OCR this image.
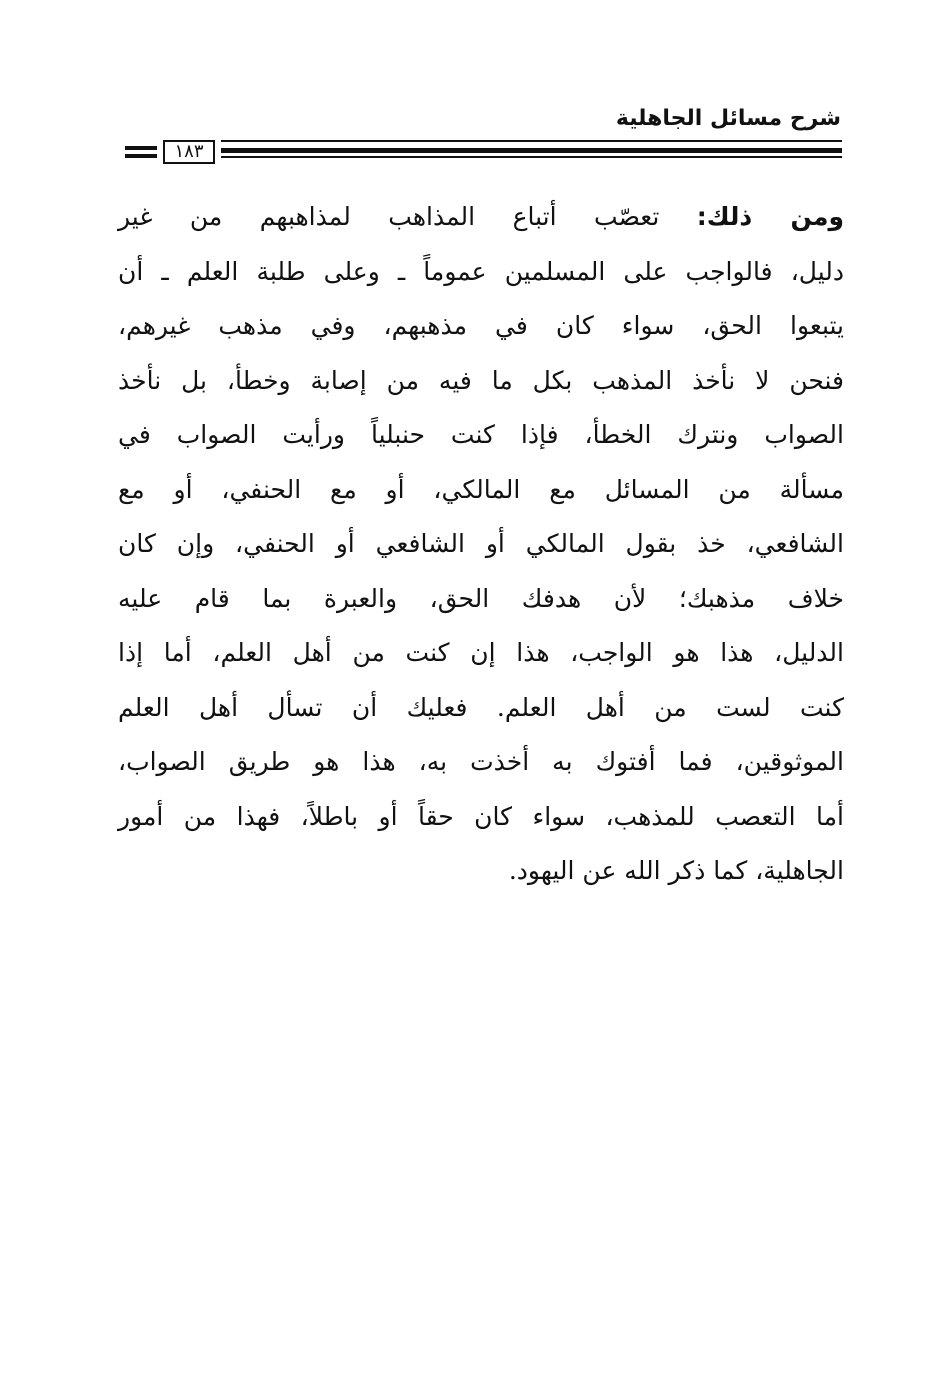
شرح مسائل الجاهلية
١٨٣
ومن ذلك: تعصّب أتباع المذاهب لمذاهبهم من غير
دليل، فالواجب على المسلمين عموماً ـ وعلى طلبة العلم ـ أن
يتبعوا الحق، سواء كان في مذهبهم، وفي مذهب غيرهم،
فنحن لا نأخذ المذهب بكل ما فيه من إصابة وخطأ، بل نأخذ
الصواب ونترك الخطأ، فإذا كنت حنبلياً ورأيت الصواب في
مسألة من المسائل مع المالكي، أو مع الحنفي، أو مع
الشافعي، خذ بقول المالكي أو الشافعي أو الحنفي، وإن كان
خلاف مذهبك؛ لأن هدفك الحق، والعبرة بما قام عليه
الدليل، هذا هو الواجب، هذا إن كنت من أهل العلم، أما إذا
كنت لست من أهل العلم. فعليك أن تسأل أهل العلم
الموثوقين، فما أفتوك به أخذت به، هذا هو طريق الصواب،
أما التعصب للمذهب، سواء كان حقاً أو باطلاً، فهذا من أمور
الجاهلية، كما ذكر الله عن اليهود.
